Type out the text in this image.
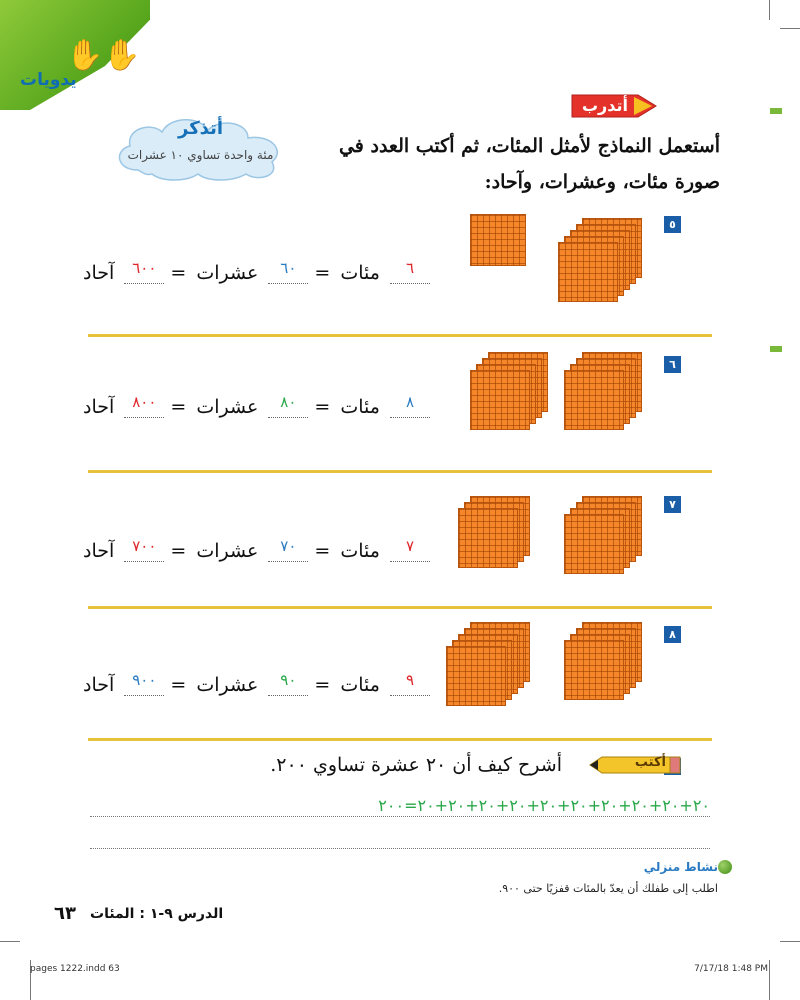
✋✋
يدويات
أتدرب
أتذكر
مئة واحدة تساوي ١٠ عشرات	أستعمل النماذج لأمثل المئات، ثم أكتب العدد في
صورة مئات، وعشرات، وآحاد:
٥
٦ مئات = ٦٠ عشرات = ٦٠٠ آحاد
٦
٨ مئات = ٨٠ عشرات = ٨٠٠ آحاد
٧
٧ مئات = ٧٠ عشرات = ٧٠٠ آحاد
٨
٩ مئات = ٩٠ عشرات = ٩٠٠ آحاد
أكتب
أشرح كيف أن ٢٠ عشرة تساوي ٢٠٠.
٢٠+٢٠+٢٠+٢٠+٢٠+٢٠+٢٠+٢٠+٢٠+٢٠=٢٠٠
نشاط منزلي
اطلب إلى طفلك أن يعدّ بالمئات قفزيًا حتى ٩٠٠.
٦٣ الدرس ٩-١ : المئات
pages 1222.indd 63	7/17/18 1:48 PM
